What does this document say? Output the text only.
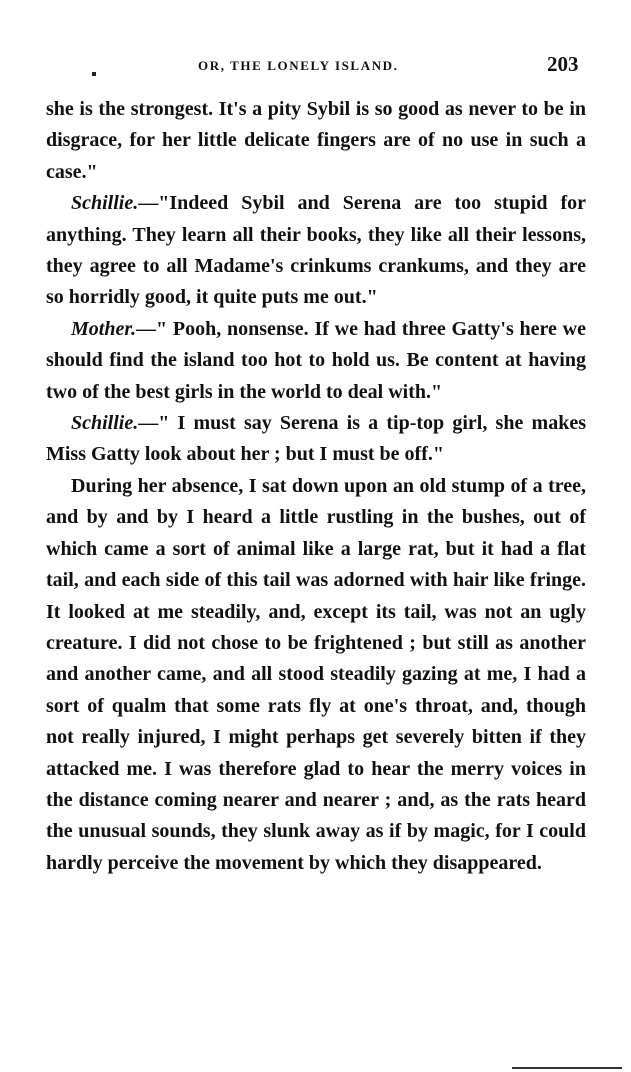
OR, THE LONELY ISLAND.	203

she is the strongest. It's a pity Sybil is so good as never to be in disgrace, for her little delicate fingers are of no use in such a case."

Schillie.—"Indeed Sybil and Serena are too stupid for anything. They learn all their books, they like all their lessons, they agree to all Madame's crinkums crankums, and they are so horridly good, it quite puts me out."

Mother.—" Pooh, nonsense. If we had three Gatty's here we should find the island too hot to hold us. Be content at having two of the best girls in the world to deal with."

Schillie.—" I must say Serena is a tip-top girl, she makes Miss Gatty look about her ; but I must be off."

During her absence, I sat down upon an old stump of a tree, and by and by I heard a little rustling in the bushes, out of which came a sort of animal like a large rat, but it had a flat tail, and each side of this tail was adorned with hair like fringe. It looked at me steadily, and, except its tail, was not an ugly creature. I did not chose to be frightened ; but still as another and another came, and all stood steadily gazing at me, I had a sort of qualm that some rats fly at one's throat, and, though not really injured, I might perhaps get severely bitten if they attacked me. I was therefore glad to hear the merry voices in the distance coming nearer and nearer ; and, as the rats heard the unusual sounds, they slunk away as if by magic, for I could hardly perceive the movement by which they disappeared.
